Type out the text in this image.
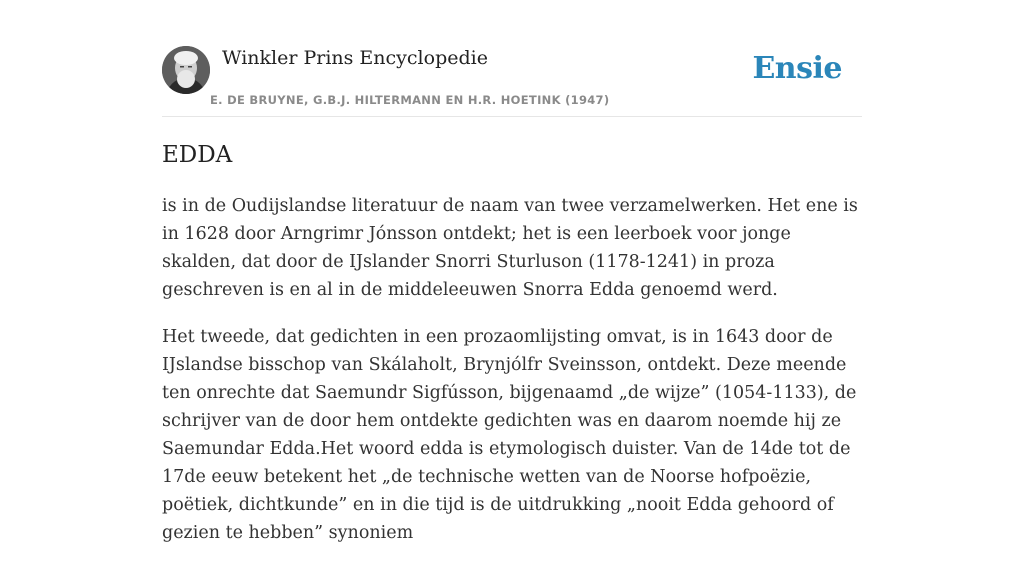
Winkler Prins Encyclopedie
E. DE BRUYNE, G.B.J. HILTERMANN EN H.R. HOETINK (1947)
Ensie
EDDA

is in de Oudijslandse literatuur de naam van twee verzamelwerken. Het ene is in 1628 door Arngrimr Jónsson ontdekt; het is een leerboek voor jonge skalden, dat door de IJslander Snorri Sturluson (1178-1241) in proza geschreven is en al in de middeleeuwen Snorra Edda genoemd werd.

Het tweede, dat gedichten in een prozaomlijsting omvat, is in 1643 door de IJslandse bisschop van Skálaholt, Brynjólfr Sveinsson, ontdekt. Deze meende ten onrechte dat Saemundr Sigfússon, bijgenaamd „de wijze” (1054-1133), de schrijver van de door hem ontdekte gedichten was en daarom noemde hij ze Saemundar Edda.Het woord edda is etymologisch duister. Van de 14de tot de 17de eeuw betekent het „de technische wetten van de Noorse hofpoëzie, poëtiek, dichtkunde” en in die tijd is de uitdrukking „nooit Edda gehoord of gezien te hebben” synoniem
